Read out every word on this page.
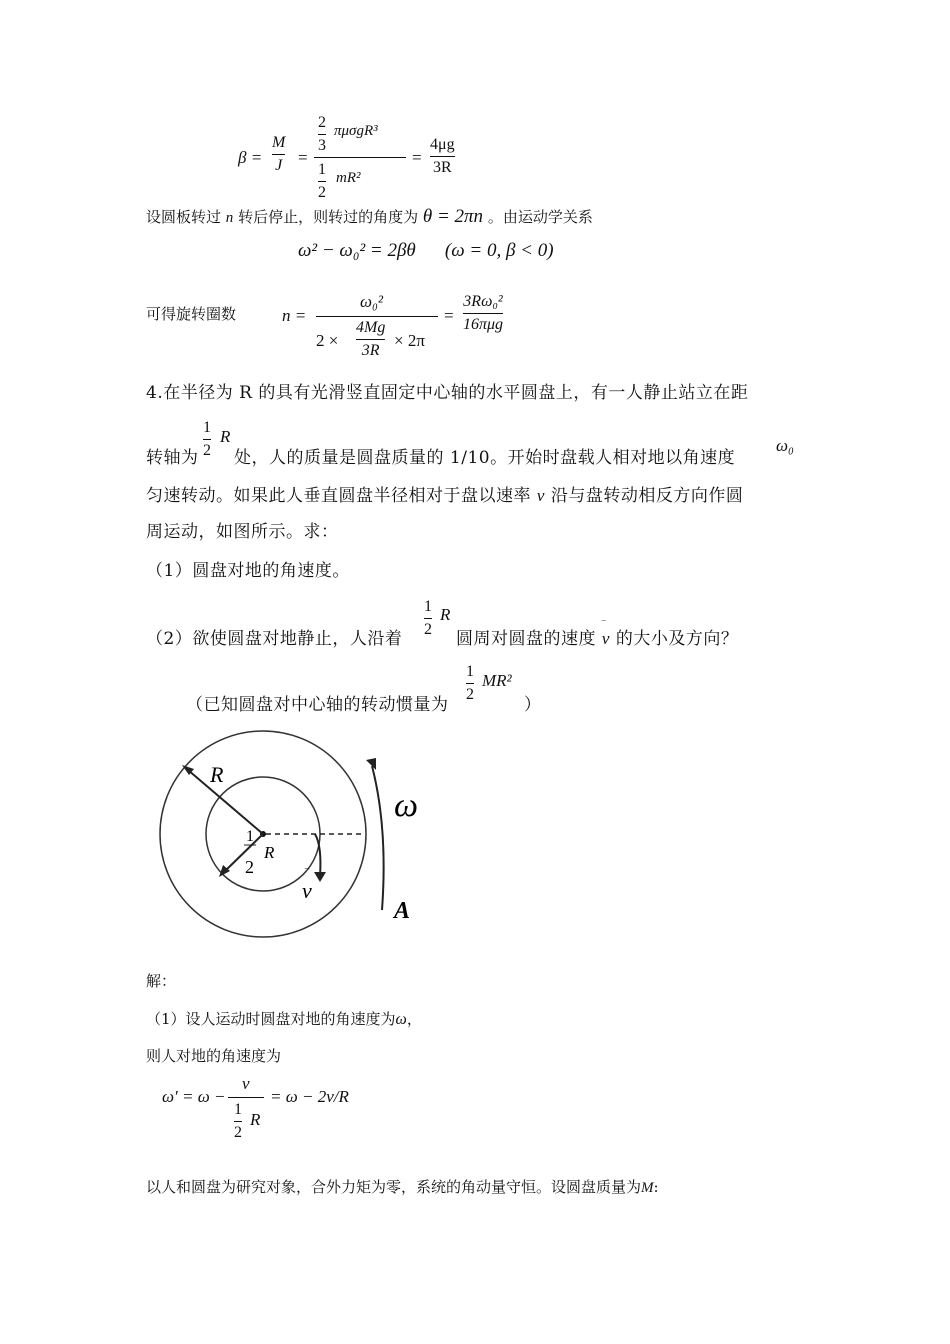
β =
M
J =
2
3
πμσgR³
1
2
mR²
=
4μg
3R
设圆板转过 n 转后停止，则转过的角度为 θ = 2πn 。由运动学关系
ω² − ω₀² = 2βθ (ω = 0, β < 0)
可得旋转圈数	n =
ω₀²
2 ×
4Mg
3R
× 2π
=
3Rω₀²
16πμg
4.在半径为 R 的具有光滑竖直固定中心轴的水平圆盘上，有一人静止站立在距
转轴为
1
2
R
处，人的质量是圆盘质量的 1/10。开始时盘载人相对地以角速度
ω₀
匀速转动。如果此人垂直圆盘半径相对于盘以速率 v 沿与盘转动相反方向作圆
周运动，如图所示。求：
（1）圆盘对地的角速度。
（2）欲使圆盘对地静止，人沿着
1
2
R
圆周对圆盘的速度 v
‾
的大小及方向？
（已知圆盘对中心轴的转动惯量为
1
2
MR²
）
R
ω
1
2
R
v
‾
A
解：
（1）设人运动时圆盘对地的角速度为ω，
则人对地的角速度为
ω′ = ω −
v
1
2
R
= ω − 2v/R
以人和圆盘为研究对象，合外力矩为零，系统的角动量守恒。设圆盘质量为M:
